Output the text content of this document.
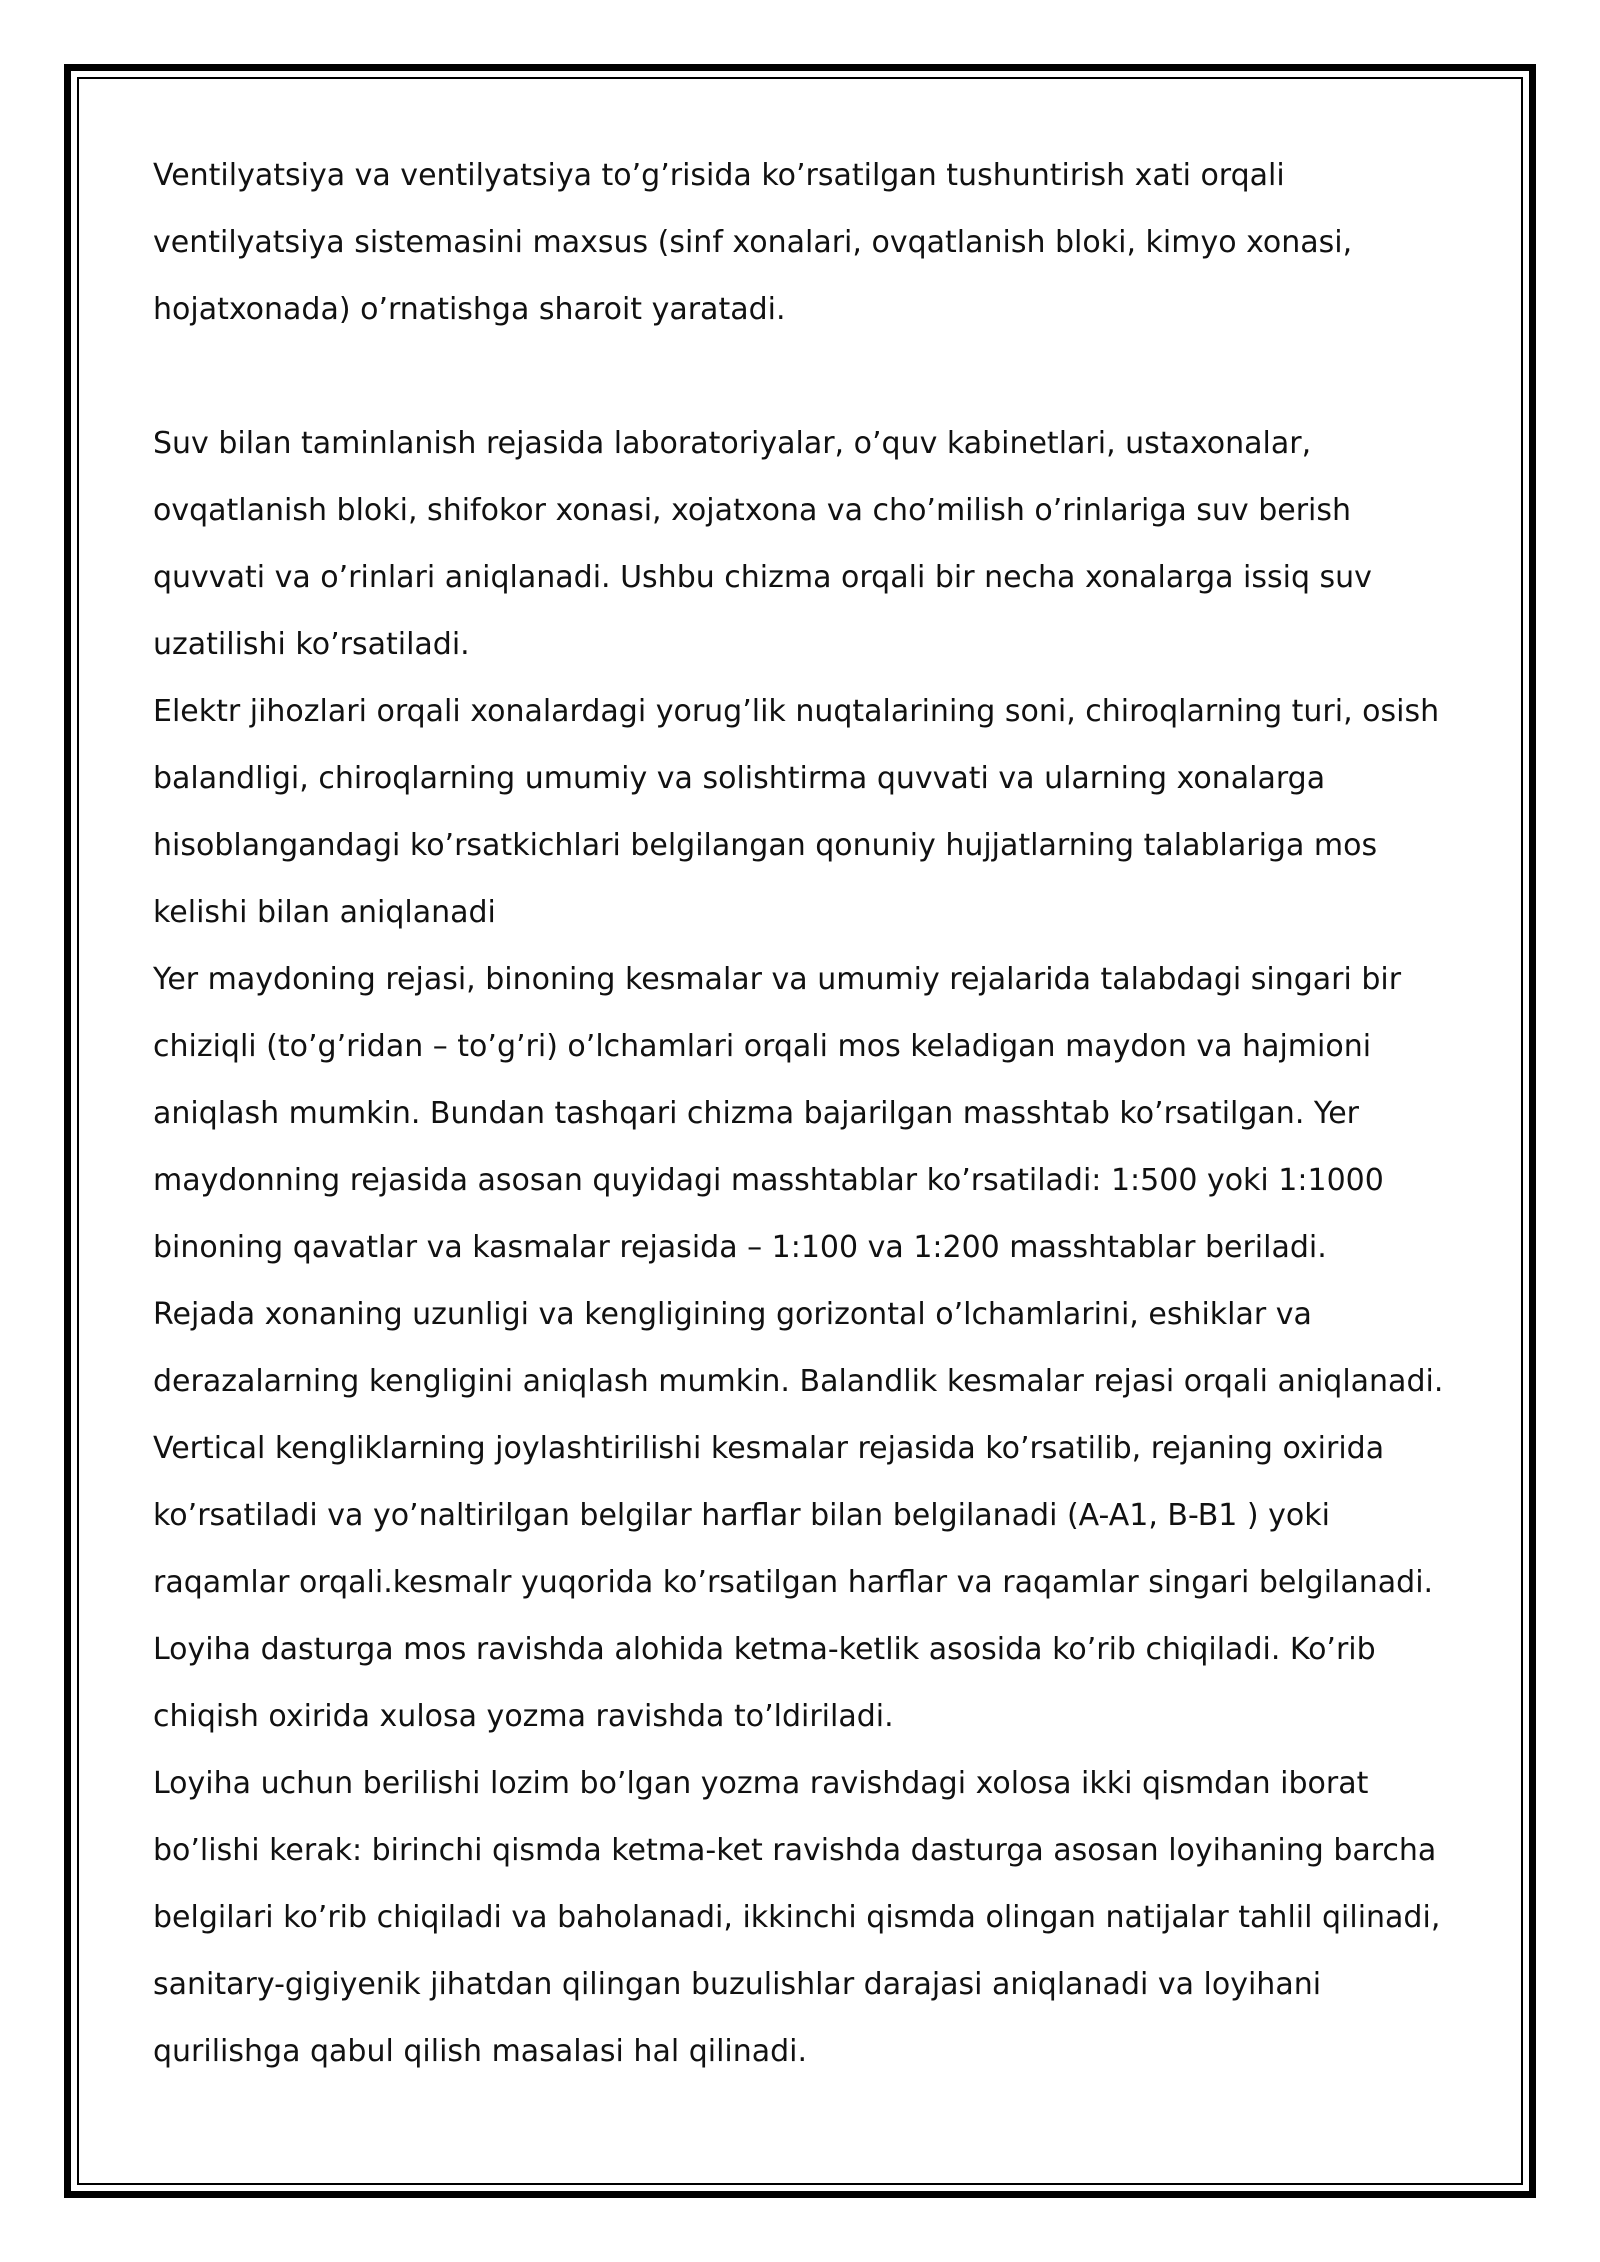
Ventilyatsiya va ventilyatsiya to’g’risida ko’rsatilgan tushuntirish xati orqali ventilyatsiya sistemasini maxsus (sinf xonalari, ovqatlanish bloki, kimyo xonasi, hojatxonada) o’rnatishga sharoit yaratadi.

Suv bilan taminlanish rejasida laboratoriyalar, o’quv kabinetlari, ustaxonalar, ovqatlanish bloki, shifokor xonasi, xojatxona va cho’milish o’rinlariga suv berish quvvati va o’rinlari aniqlanadi. Ushbu chizma orqali bir necha xonalarga issiq suv uzatilishi ko’rsatiladi.

Elektr jihozlari orqali xonalardagi yorug’lik nuqtalarining soni, chiroqlarning turi, osish balandligi, chiroqlarning umumiy va solishtirma quvvati va ularning xonalarga hisoblangandagi ko’rsatkichlari belgilangan qonuniy hujjatlarning talablariga mos kelishi bilan aniqlanadi

Yer maydoning rejasi, binoning kesmalar va umumiy rejalarida talabdagi singari bir chiziqli (to’g’ridan – to’g’ri) o’lchamlari orqali mos keladigan maydon va hajmioni aniqlash mumkin. Bundan tashqari chizma bajarilgan masshtab ko’rsatilgan. Yer maydonning rejasida asosan quyidagi masshtablar ko’rsatiladi: 1:500 yoki 1:1000 binoning qavatlar va kasmalar rejasida – 1:100 va 1:200 masshtablar beriladi.

Rejada xonaning uzunligi va kengligining gorizontal o’lchamlarini, eshiklar va derazalarning kengligini aniqlash mumkin. Balandlik kesmalar rejasi orqali aniqlanadi. Vertical kengliklarning joylashtirilishi kesmalar rejasida ko’rsatilib, rejaning oxirida ko’rsatiladi va yo’naltirilgan belgilar harflar bilan belgilanadi (A-A1, B-B1 ) yoki raqamlar orqali.kesmalr yuqorida ko’rsatilgan harflar va raqamlar singari belgilanadi.

Loyiha dasturga mos ravishda alohida ketma-ketlik asosida ko’rib chiqiladi. Ko’rib chiqish oxirida xulosa yozma ravishda to’ldiriladi.

Loyiha uchun berilishi lozim bo’lgan yozma ravishdagi xolosa ikki qismdan iborat bo’lishi kerak: birinchi qismda ketma-ket ravishda dasturga asosan loyihaning barcha belgilari ko’rib chiqiladi va baholanadi, ikkinchi qismda olingan natijalar tahlil qilinadi, sanitary-gigiyenik jihatdan qilingan buzulishlar darajasi aniqlanadi va loyihani qurilishga qabul qilish masalasi hal qilinadi.
